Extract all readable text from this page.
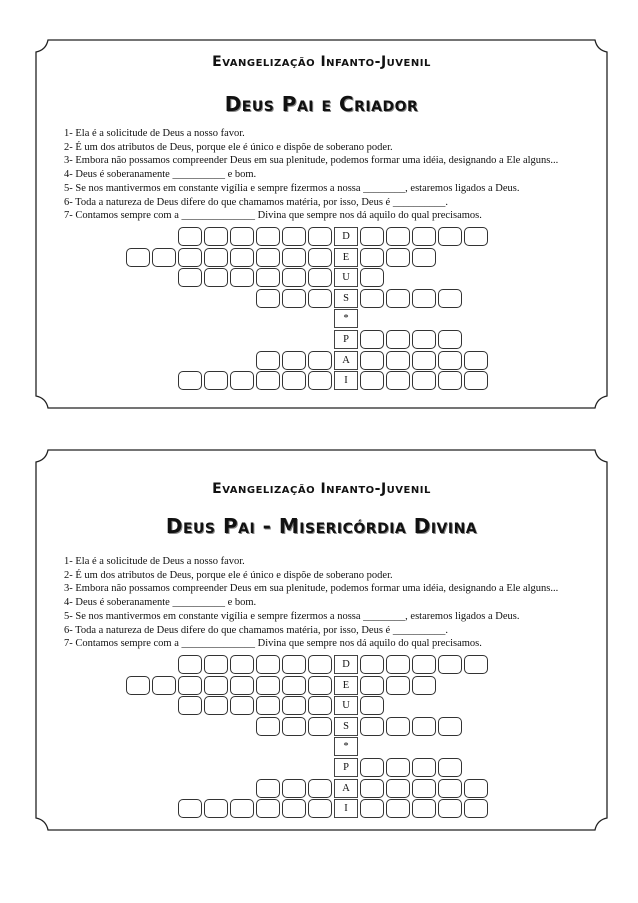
Evangelização Infanto-Juvenil
Deus Pai e Criador
1- Ela é a solicitude de Deus a nosso favor.
2- É um dos atributos de Deus, porque ele é único e dispõe de soberano poder.
3- Embora não possamos compreender Deus em sua plenitude, podemos formar uma idéia, designando a Ele alguns...
4- Deus é soberanamente __________ e bom.
5- Se nos mantivermos em constante vigília e sempre fizermos a nossa ________, estaremos ligados a Deus.
6- Toda a natureza de Deus difere do que chamamos matéria, por isso, Deus é __________.
7- Contamos sempre com a ______________ Divina que sempre nos dá aquilo do qual precisamos.
D
E
U
S
*
P
A
I
Evangelização Infanto-Juvenil
Deus Pai - Misericórdia Divina
1- Ela é a solicitude de Deus a nosso favor.
2- É um dos atributos de Deus, porque ele é único e dispõe de soberano poder.
3- Embora não possamos compreender Deus em sua plenitude, podemos formar uma idéia, designando a Ele alguns...
4- Deus é soberanamente __________ e bom.
5- Se nos mantivermos em constante vigília e sempre fizermos a nossa ________, estaremos ligados a Deus.
6- Toda a natureza de Deus difere do que chamamos matéria, por isso, Deus é __________.
7- Contamos sempre com a ______________ Divina que sempre nos dá aquilo do qual precisamos.
D
E
U
S
*
P
A
I
